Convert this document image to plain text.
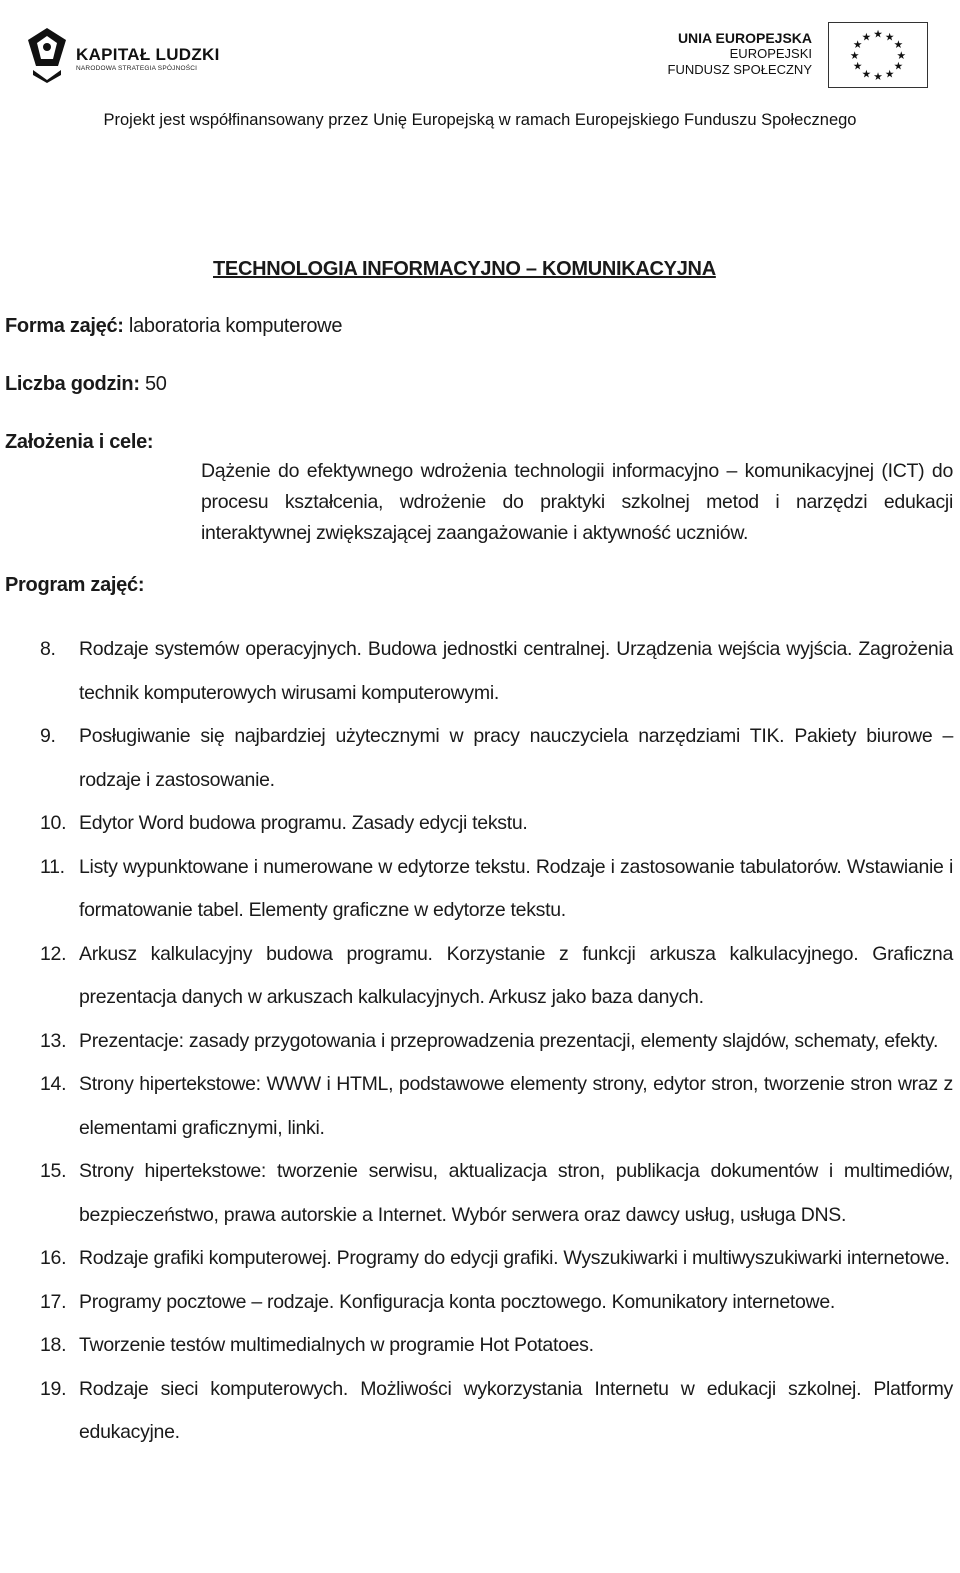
KAPITAŁ LUDZKI
NARODOWA STRATEGIA SPÓJNOŚCI
UNIA EUROPEJSKA
EUROPEJSKI
FUNDUSZ SPOŁECZNY
★ ★
★
★
★
★
★
★
★
★
★
★
Projekt jest współfinansowany przez Unię Europejską w ramach Europejskiego Funduszu Społecznego
TECHNOLOGIA INFORMACYJNO – KOMUNIKACYJNA
Forma zajęć: laboratoria komputerowe
Liczba godzin: 50
Założenia i cele:
Dążenie do efektywnego wdrożenia technologii informacyjno – komunikacyjnej (ICT) do procesu kształcenia, wdrożenie do praktyki szkolnej metod i narzędzi edukacji interaktywnej zwiększającej zaangażowanie i aktywność uczniów.
Program zajęć:
8. Rodzaje systemów operacyjnych. Budowa jednostki centralnej. Urządzenia wejścia wyjścia. Zagrożenia technik komputerowych wirusami komputerowymi.
9. Posługiwanie się najbardziej użytecznymi w pracy nauczyciela narzędziami TIK. Pakiety biurowe – rodzaje i zastosowanie.
10. Edytor Word budowa programu. Zasady edycji tekstu.
11. Listy wypunktowane i numerowane w edytorze tekstu. Rodzaje i zastosowanie tabulatorów. Wstawianie i formatowanie tabel. Elementy graficzne w edytorze tekstu.
12. Arkusz kalkulacyjny budowa programu. Korzystanie z funkcji arkusza kalkulacyjnego. Graficzna prezentacja danych w arkuszach kalkulacyjnych. Arkusz jako baza danych.
13. Prezentacje: zasady przygotowania i przeprowadzenia prezentacji, elementy slajdów, schematy, efekty.
14. Strony hipertekstowe: WWW i HTML, podstawowe elementy strony, edytor stron, tworzenie stron wraz z elementami graficznymi, linki.
15. Strony hipertekstowe: tworzenie serwisu, aktualizacja stron, publikacja dokumentów i multimediów, bezpieczeństwo, prawa autorskie a Internet. Wybór serwera oraz dawcy usług, usługa DNS.
16. Rodzaje grafiki komputerowej. Programy do edycji grafiki. Wyszukiwarki i multiwyszukiwarki internetowe.
17. Programy pocztowe – rodzaje. Konfiguracja konta pocztowego. Komunikatory internetowe.
18. Tworzenie testów multimedialnych w programie Hot Potatoes.
19. Rodzaje sieci komputerowych. Możliwości wykorzystania Internetu w edukacji szkolnej. Platformy edukacyjne.
